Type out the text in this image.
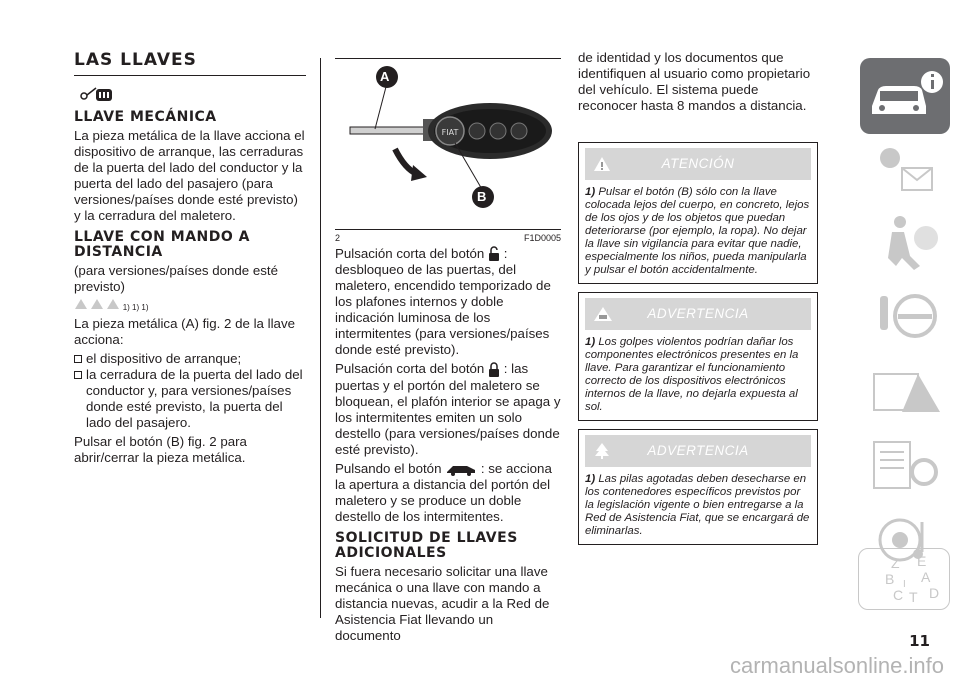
LAS LLAVES
LLAVE MECÁNICA
La pieza metálica de la llave acciona el dispositivo de arranque, las cerraduras de la puerta del lado del conductor y la puerta del lado del pasajero (para versiones/países donde esté previsto) y la cerradura del maletero.
LLAVE CON MANDO A DISTANCIA
(para versiones/países donde esté previsto)
1) 1) 1)
La pieza metálica (A) fig. 2 de la llave acciona:
el dispositivo de arranque;
la cerradura de la puerta del lado del conductor y, para versiones/países donde esté previsto, la puerta del lado del pasajero.
Pulsar el botón (B) fig. 2 para abrir/cerrar la pieza metálica.
FIAT
A
B
2	F1D0005
Pulsación corta del botón : desbloqueo de las puertas, del maletero, encendido temporizado de los plafones internos y doble indicación luminosa de los intermitentes (para versiones/países donde esté previsto).
Pulsación corta del botón : las puertas y el portón del maletero se bloquean, el plafón interior se apaga y los intermitentes emiten un solo destello (para versiones/países donde esté previsto).
Pulsando el botón	: se acciona la apertura a distancia del portón del maletero y se produce un doble destello de los intermitentes.
SOLICITUD DE LLAVES ADICIONALES
Si fuera necesario solicitar una llave mecánica o una llave con mando a distancia nuevas, acudir a la Red de Asistencia Fiat llevando un documento
de identidad y los documentos que identifiquen al usuario como propietario del vehículo. El sistema puede reconocer hasta 8 mandos a distancia.
ATENCIÓN
1) Pulsar el botón (B) sólo con la llave colocada lejos del cuerpo, en concreto, lejos de los ojos y de los objetos que puedan deteriorarse (por ejemplo, la ropa). No dejar la llave sin vigilancia para evitar que nadie, especialmente los niños, pueda manipularla y pulsar el botón accidentalmente.
ADVERTENCIA
1) Los golpes violentos podrían dañar los componentes electrónicos presentes en la llave. Para garantizar el funcionamiento correcto de los dispositivos electrónicos internos de la llave, no dejarla expuesta al sol.
ADVERTENCIA
1) Las pilas agotadas deben desecharse en los contenedores específicos previstos por la legislación vigente o bien entregarse a la Red de Asistencia Fiat, que se encargará de eliminarlas.
Z E
B A
C T D
I
11
carmanualsonline.info
